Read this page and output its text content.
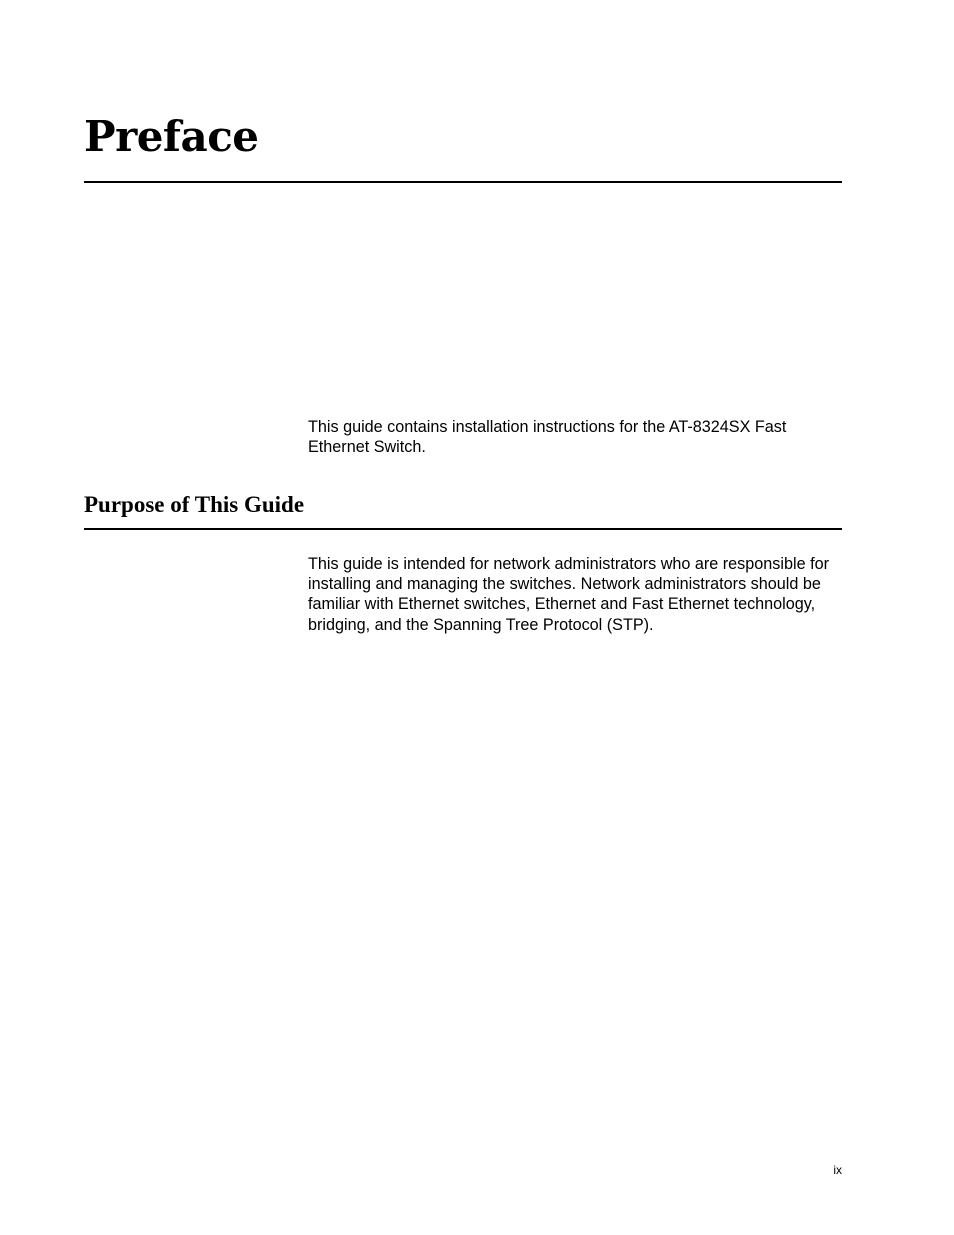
Preface

This guide contains installation instructions for the AT-8324SX Fast Ethernet Switch.

Purpose of This Guide

This guide is intended for network administrators who are responsible for installing and managing the switches. Network administrators should be familiar with Ethernet switches, Ethernet and Fast Ethernet technology, bridging, and the Spanning Tree Protocol (STP).

ix
